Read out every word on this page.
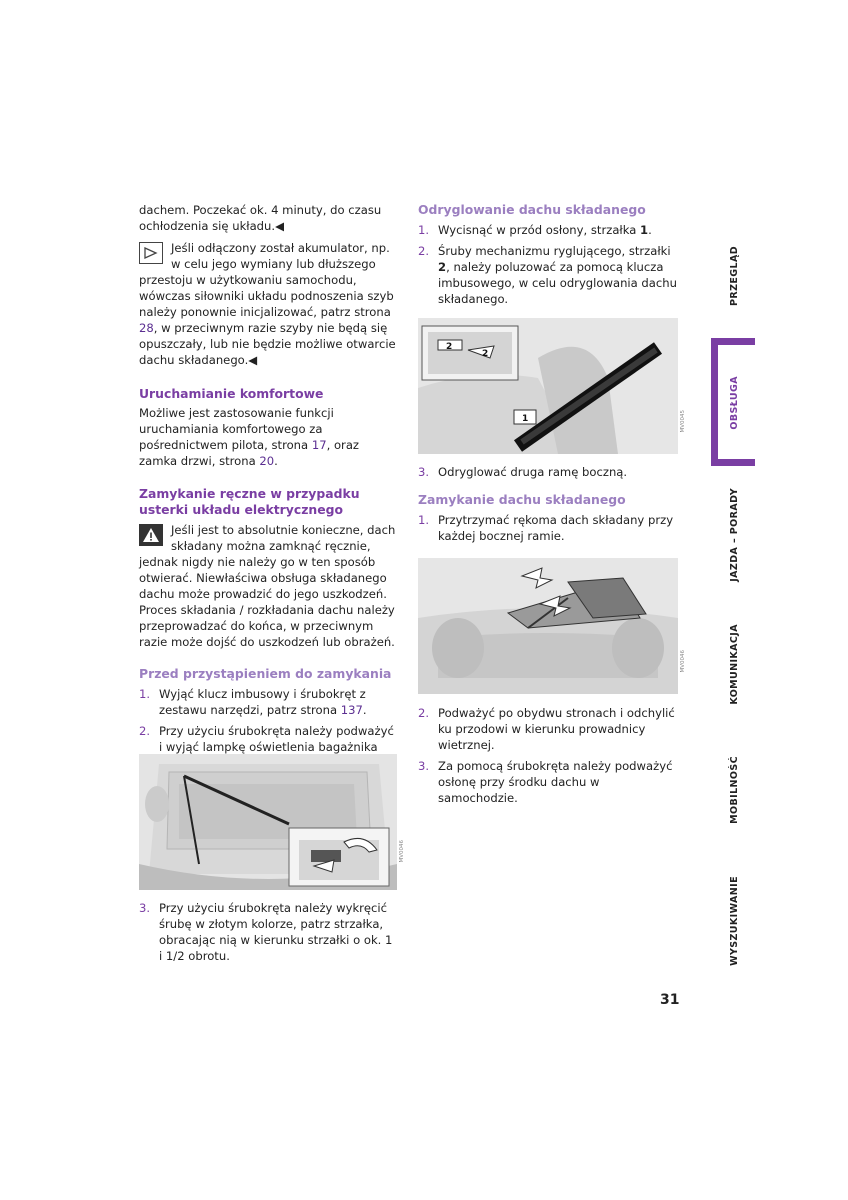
dachem. Poczekać ok. 4 minuty, do czasu ochłodzenia się układu.◀

Jeśli odłączony został akumulator, np. w celu jego wymiany lub dłuższego przestoju w użytkowaniu samochodu, wówczas siłowniki układu podnoszenia szyb należy ponownie inicjalizować, patrz strona 28, w przeciwnym razie szyby nie będą się opuszczały, lub nie będzie możliwe otwarcie dachu składanego.◀

Uruchamianie komfortowe

Możliwe jest zastosowanie funkcji uruchamiania komfortowego za pośrednictwem pilota, strona 17, oraz zamka drzwi, strona 20.

Zamykanie ręczne w przypadku usterki układu elektrycznego

Jeśli jest to absolutnie konieczne, dach składany można zamknąć ręcznie, jednak nigdy nie należy go w ten sposób otwierać. Niewłaściwa obsługa składanego dachu może prowadzić do jego uszkodzeń. Proces składania / rozkładania dachu należy przeprowadzać do końca, w przeciwnym razie może dojść do uszkodzeń lub obrażeń.

Przed przystąpieniem do zamykania
1. Wyjąć klucz imbusowy i śrubokręt z zestawu narzędzi, patrz strona 137.
2. Przy użyciu śrubokręta należy podważyć i wyjąć lampkę oświetlenia bagażnika
MV0046
3. Przy użyciu śrubokręta należy wykręcić śrubę w złotym kolorze, patrz strzałka, obracając nią w kierunku strzałki o ok. 1 i 1/2 obrotu.
Odryglowanie dachu składanego
1. Wycisnąć w przód osłony, strzałka 1.
2. Śruby mechanizmu ryglującego, strzałki 2, należy poluzować za pomocą klucza imbusowego, w celu odryglowania dachu składanego.
2
2
1	MV0045
3. Odryglować druga ramę boczną.
Zamykanie dachu składanego
1. Przytrzymać rękoma dach składany przy każdej bocznej ramie.
MV0046
2. Podważyć po obydwu stronach i odchylić ku przodowi w kierunku prowadnicy wietrznej.
3. Za pomocą śrubokręta należy podważyć osłonę przy środku dachu w samochodzie.
PRZEGLĄD
OBSŁUGA
JAZDA – PORADY
KOMUNIKACJA
MOBILNOŚĆ
WYSZUKIWANIE
31
